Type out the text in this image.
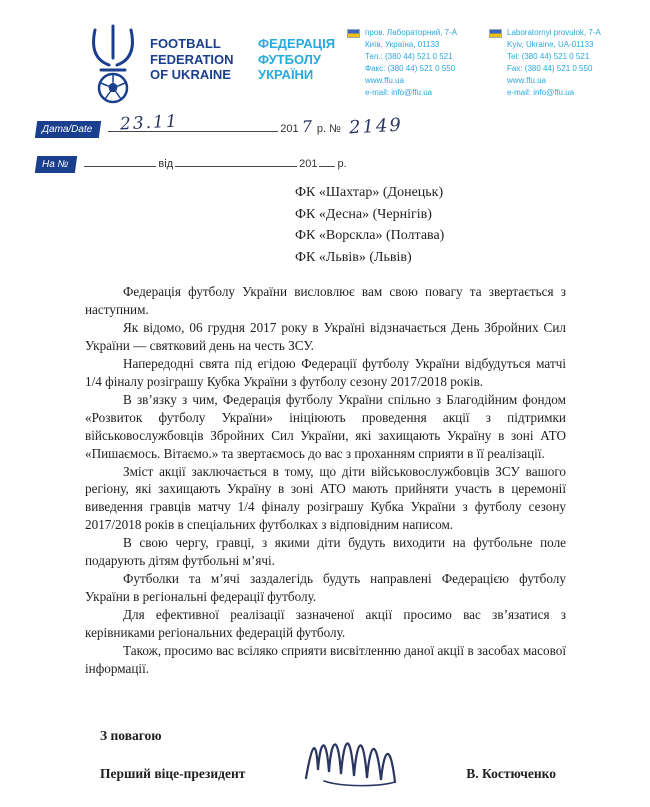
FOOTBALL FEDERATION OF UKRAINE
ФЕДЕРАЦІЯ ФУТБОЛУ УКРАЇНИ
пров. Лабораторний, 7-А
Київ, Україна, 01133
Тел.: (380 44) 521 0 521
Факс: (380 44) 521 0 550
www.ffu.ua
e-mail: info@ffu.ua
Laboratornyi provulok, 7-A
Kyiv, Ukraine, UA-01133
Tel: (380 44) 521 0 521
Fax: (380 44) 521 0 550
www.ffu.ua
e-mail: info@ffu.ua
Дата/Date 23.11	201 7 р. № 2149
На №	від	201 р.
ФК «Шахтар» (Донецьк)
ФК «Десна» (Чернігів)
ФК «Ворскла» (Полтава)
ФК «Львів» (Львів)

Федерація футболу України висловлює вам свою повагу та звертається з наступним.

Як відомо, 06 грудня 2017 року в Україні відзначається День Збройних Сил України — святковий день на честь ЗСУ.

Напередодні свята під егідою Федерації футболу України відбудуться матчі 1/4 фіналу розіграшу Кубка України з футболу сезону 2017/2018 років.

В зв’язку з чим, Федерація футболу України спільно з Благодійним фондом «Розвиток футболу України» ініціюють проведення акції з підтримки військовослужбовців Збройних Сил України, які захищають Україну в зоні АТО «Пишаємось. Вітаємо.» та звертаємось до вас з проханням сприяти в її реалізації.

Зміст акції заключається в тому, що діти військовослужбовців ЗСУ вашого регіону, які захищають Україну в зоні АТО мають прийняти участь в церемонії виведення гравців матчу 1/4 фіналу розіграшу Кубка України з футболу сезону 2017/2018 років в спеціальних футболках з відповідним написом.

В свою чергу, гравці, з якими діти будуть виходити на футбольне поле подарують дітям футбольні м’ячі.

Футболки та м’ячі заздалегідь будуть направлені Федерацією футболу України в регіональні федерації футболу.

Для ефективної реалізації зазначеної акції просимо вас зв’язатися з керівниками регіональних федерацій футболу.

Також, просимо вас всіляко сприяти висвітленню даної акції в засобах масової інформації.

З повагою
Перший віце-президент	В. Костюченко
